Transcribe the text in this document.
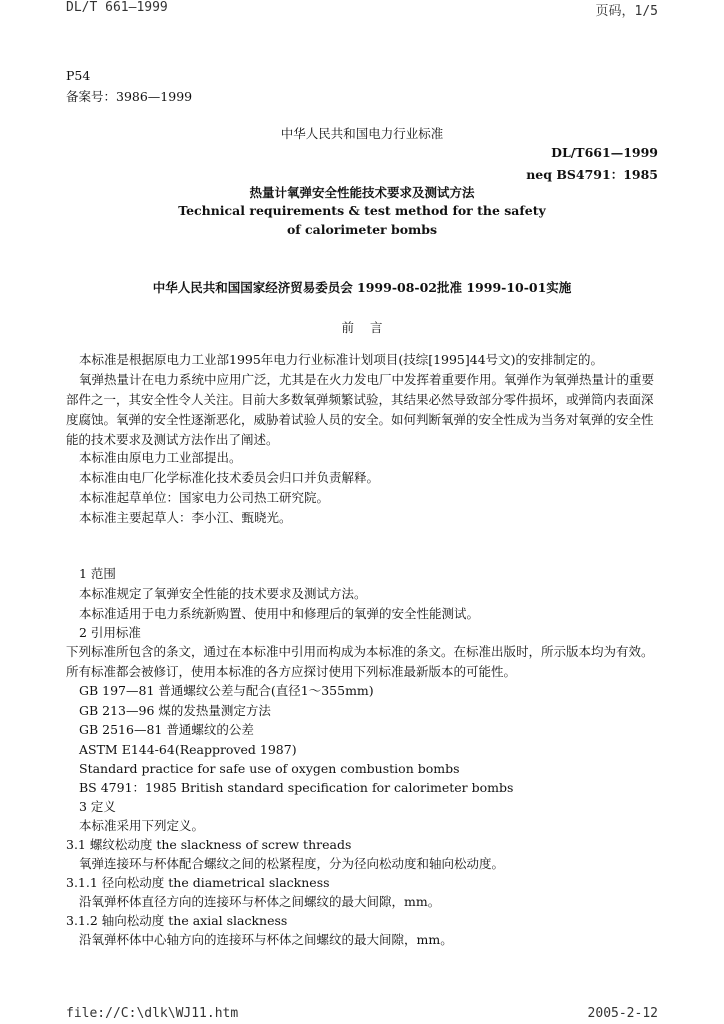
DL/T 661—1999	页码，1/5
P54
备案号：3986—1999
中华人民共和国电力行业标准
DL/T661—1999
neq BS4791：1985
热量计氧弹安全性能技术要求及测试方法
Technical requirements & test method for the safety
of calorimeter bombs
中华人民共和国国家经济贸易委员会 1999-08-02批准 1999-10-01实施
前    言
本标准是根据原电力工业部1995年电力行业标准计划项目(技综[1995]44号文)的安排制定的。
氧弹热量计在电力系统中应用广泛，尤其是在火力发电厂中发挥着重要作用。氧弹作为氧弹热量计的重要部件之一，其安全性令人关注。目前大多数氧弹频繁试验，其结果必然导致部分零件损坏，或弹筒内表面深度腐蚀。氧弹的安全性逐渐恶化，威胁着试验人员的安全。如何判断氧弹的安全性成为当务对氧弹的安全性能的技术要求及测试方法作出了阐述。
本标准由原电力工业部提出。
本标准由电厂化学标准化技术委员会归口并负责解释。
本标准起草单位：国家电力公司热工研究院。
本标准主要起草人：李小江、甄晓光。
1 范围
本标准规定了氧弹安全性能的技术要求及测试方法。
本标准适用于电力系统新购置、使用中和修理后的氧弹的安全性能测试。
2 引用标准
下列标准所包含的条文，通过在本标准中引用而构成为本标准的条文。在标准出版时，所示版本均为有效。所有标准都会被修订，使用本标准的各方应探讨使用下列标准最新版本的可能性。
GB 197—81 普通螺纹公差与配合(直径1～355mm)
GB 213—96 煤的发热量测定方法
GB 2516—81 普通螺纹的公差
ASTM E144-64(Reapproved 1987)
Standard practice for safe use of oxygen combustion bombs
BS 4791：1985 British standard specification for calorimeter bombs
3 定义
本标准采用下列定义。
3.1 螺纹松动度 the slackness of screw threads
氧弹连接环与杯体配合螺纹之间的松紧程度，分为径向松动度和轴向松动度。
3.1.1 径向松动度 the diametrical slackness
沿氧弹杯体直径方向的连接环与杯体之间螺纹的最大间隙，mm。
3.1.2 轴向松动度 the axial slackness
沿氧弹杯体中心轴方向的连接环与杯体之间螺纹的最大间隙，mm。
file://C:\dlk\WJ11.htm	2005-2-12
